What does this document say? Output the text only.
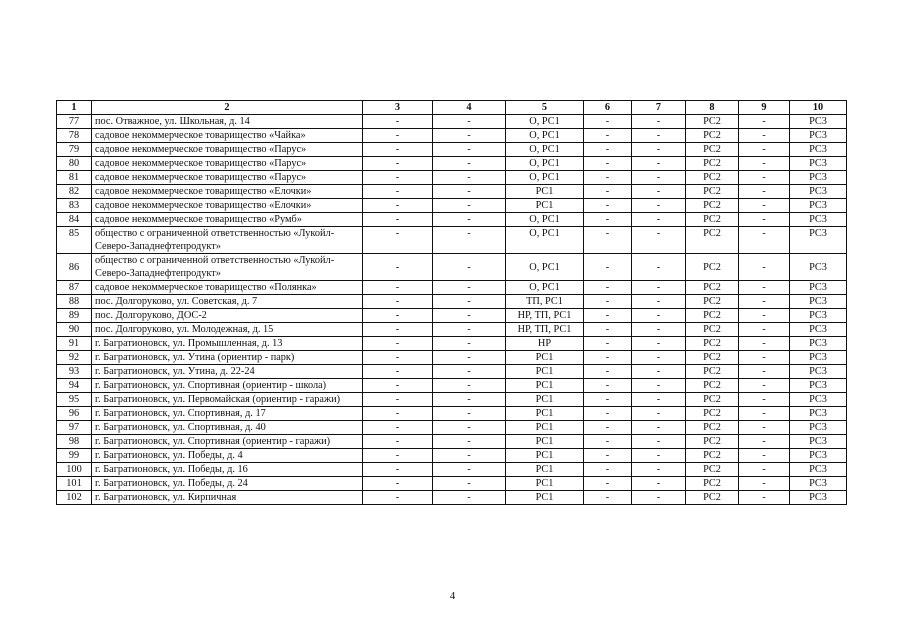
1	2	3	4	5	6	7	8	9	10
77	пос. Отважное, ул. Школьная, д. 14	-	-	О, РС1	-	-	РС2	-	РС3
78	садовое некоммерческое товарищество «Чайка»	-	-	О, РС1	-	-	РС2	-	РС3
79	садовое некоммерческое товарищество «Парус»	-	-	О, РС1	-	-	РС2	-	РС3
80	садовое некоммерческое товарищество «Парус»	-	-	О, РС1	-	-	РС2	-	РС3
81	садовое некоммерческое товарищество «Парус»	-	-	О, РС1	-	-	РС2	-	РС3
82	садовое некоммерческое товарищество «Елочки»	-	-	РС1	-	-	РС2	-	РС3
83	садовое некоммерческое товарищество «Елочки»	-	-	РС1	-	-	РС2	-	РС3
84	садовое некоммерческое товарищество «Румб»	-	-	О, РС1	-	-	РС2	-	РС3
85	общество с ограниченной ответственностью «Лукойл- Северо-Западнефтепродукт»	-	-	О, РС1	-	-	РС2	-	РС3
86	общество с ограниченной ответственностью «Лукойл- Северо-Западнефтепродукт»	-	-	О, РС1	-	-	РС2	-	РС3
87	садовое некоммерческое товарищество «Полянка»	-	-	О, РС1	-	-	РС2	-	РС3
88	пос. Долгоруково, ул. Советская, д. 7	-	-	ТП, РС1	-	-	РС2	-	РС3
89	пос. Долгоруково, ДОС-2	-	-	НР, ТП, РС1	-	-	РС2	-	РС3
90	пос. Долгоруково, ул. Молодежная, д. 15	-	-	НР, ТП, РС1	-	-	РС2	-	РС3
91	г. Багратионовск, ул. Промышленная, д. 13	-	-	НР	-	-	РС2	-	РС3
92	г. Багратионовск, ул. Утина (ориентир - парк)	-	-	РС1	-	-	РС2	-	РС3
93	г. Багратионовск, ул. Утина, д. 22-24	-	-	РС1	-	-	РС2	-	РС3
94	г. Багратионовск, ул. Спортивная (ориентир - школа)	-	-	РС1	-	-	РС2	-	РС3
95	г. Багратионовск, ул. Первомайская (ориентир - гаражи)	-	-	РС1	-	-	РС2	-	РС3
96	г. Багратионовск, ул. Спортивная, д. 17	-	-	РС1	-	-	РС2	-	РС3
97	г. Багратионовск, ул. Спортивная, д. 40	-	-	РС1	-	-	РС2	-	РС3
98	г. Багратионовск, ул. Спортивная (ориентир - гаражи)	-	-	РС1	-	-	РС2	-	РС3
99	г. Багратионовск, ул. Победы, д. 4	-	-	РС1	-	-	РС2	-	РС3
100	г. Багратионовск, ул. Победы, д. 16	-	-	РС1	-	-	РС2	-	РС3
101	г. Багратионовск, ул. Победы, д. 24	-	-	РС1	-	-	РС2	-	РС3
102	г. Багратионовск, ул. Кирпичная	-	-	РС1	-	-	РС2	-	РС3
4
